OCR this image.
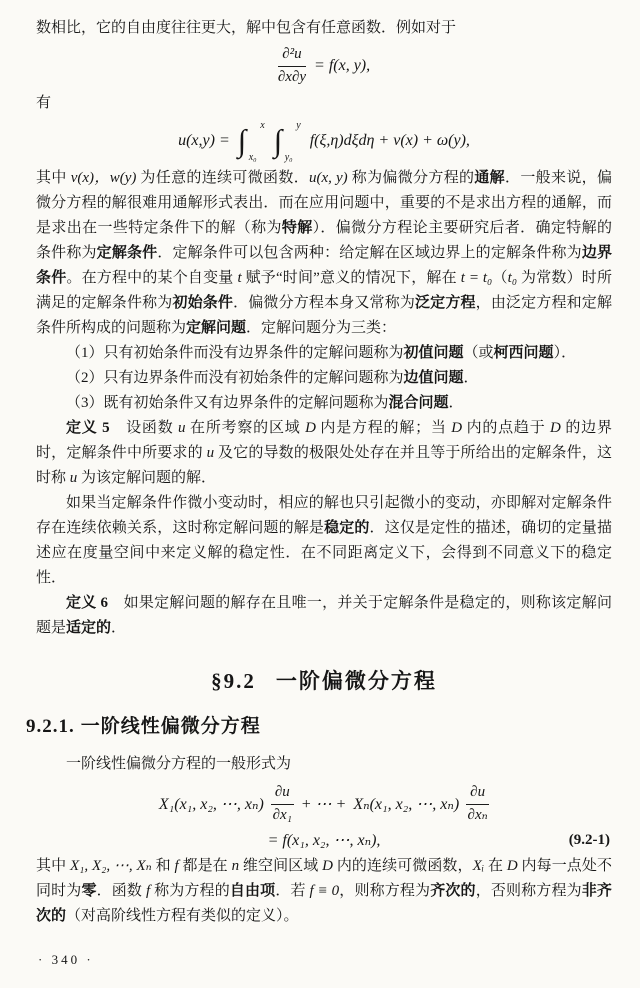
数相比，它的自由度往往更大，解中包含有任意函数．例如对于

$\frac{\text{∂²u}}{\partial x\partial y} = f(x$, y),

有

u(x,y) = ∫	x
x₀ ∫	y
y₀
f(ξ,η)dξdη + v(x) + ω(y),

其中 v(x)，w(y) 为任意的连续可微函数．u(x, y) 称为偏微分方程的通解．一般来说，偏微分方程的解很难用通解形式表出．而在应用问题中，重要的不是求出方程的通解，而是求出在一些特定条件下的解（称为特解）．偏微分方程论主要研究后者．确定特解的条件称为定解条件．定解条件可以包含两种：给定解在区域边界上的定解条件称为边界条件。在方程中的某个自变量 t 赋予“时间”意义的情况下，解在 t = t₀（t₀ 为常数）时所满足的定解条件称为初始条件．偏微分方程本身又常称为泛定方程，由泛定方程和定解条件所构成的问题称为定解问题．定解问题分为三类：

（1）只有初始条件而没有边界条件的定解问题称为初值问题（或柯西问题）．

（2）只有边界条件而没有初始条件的定解问题称为边值问题．

（3）既有初始条件又有边界条件的定解问题称为混合问题．

定义 5　设函数 u 在所考察的区域 D 内是方程的解；当 D 内的点趋于 D 的边界时，定解条件中所要求的 u 及它的导数的极限处处存在并且等于所给出的定解条件，这时称 u 为该定解问题的解．

如果当定解条件作微小变动时，相应的解也只引起微小的变动，亦即解对定解条件存在连续依赖关系，这时称定解问题的解是稳定的．这仅是定性的描述，确切的定量描述应在度量空间中来定义解的稳定性．在不同距离定义下，会得到不同意义下的稳定性．

定义 6　如果定解问题的解存在且唯一，并关于定解条件是稳定的，则称该定解问题是适定的．

§9.2 一阶偏微分方程
9.2.1. 一阶线性偏微分方程

一阶线性偏微分方程的一般形式为

X₁(x₁, x₂, ⋯, $x_n) \frac{\partial u}{\text{∂x₁}}$ + ⋯ + Xₙ(x₁, x₂, ⋯, $x_n) \frac{\partial u}{\text{∂xₙ}}$
= f(x₁, x₂, ⋯, xₙ),	(9.2-1)

其中 X₁, X₂, ⋯, Xₙ 和 f 都是在 n 维空间区域 D 内的连续可微函数，Xᵢ 在 D 内每一点处不同时为零．函数 f 称为方程的自由项．若 f ≡ 0，则称方程为齐次的，否则称方程为非齐次的（对高阶线性方程有类似的定义）。

· 340 ·
